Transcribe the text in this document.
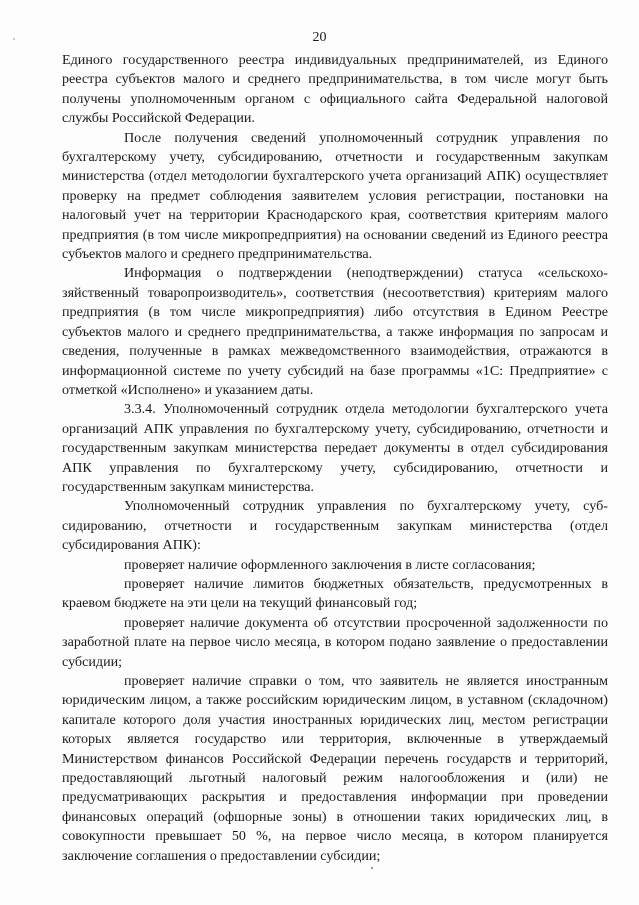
20

Единого государственного реестра индивидуальных предпринимателей, из Единого реестра субъектов малого и среднего предпринимательства, в том числе могут быть получены уполномоченным органом с официального сайта Федеральной налоговой службы Российской Федерации.

После получения сведений уполномоченный сотрудник управления по бухгалтерскому учету, субсидированию, отчетности и государственным закупкам министерства (отдел методологии бухгалтерского учета организаций АПК) осуществляет проверку на предмет соблюдения заявителем условия регистрации, постановки на налоговый учет на территории Краснодарского края, соответствия критериям малого предприятия (в том числе микропредприятия) на основании сведений из Единого реестра субъектов малого и среднего предпринимательства.

Информация о подтверждении (неподтверждении) статуса «сельскохозяйственный товаропроизводитель», соответствия (несоответствия) критериям малого предприятия (в том числе микропредприятия) либо отсутствия в Едином Реестре субъектов малого и среднего предпринимательства, а также информация по запросам и сведения, полученные в рамках межведомственного взаимодействия, отражаются в информационной системе по учету субсидий на базе программы «1С: Предприятие» с отметкой «Исполнено» и указанием даты.

3.3.4. Уполномоченный сотрудник отдела методологии бухгалтерского учета организаций АПК управления по бухгалтерскому учету, субсидированию, отчетности и государственным закупкам министерства передает документы в отдел субсидирования АПК управления по бухгалтерскому учету, субсидированию, отчетности и государственным закупкам министерства.

Уполномоченный сотрудник управления по бухгалтерскому учету, субсидированию, отчетности и государственным закупкам министерства (отдел субсидирования АПК):

проверяет наличие оформленного заключения в листе согласования;

проверяет наличие лимитов бюджетных обязательств, предусмотренных в краевом бюджете на эти цели на текущий финансовый год;

проверяет наличие документа об отсутствии просроченной задолженности по заработной плате на первое число месяца, в котором подано заявление о предоставлении субсидии;

проверяет наличие справки о том, что заявитель не является иностранным юридическим лицом, а также российским юридическим лицом, в уставном (складочном) капитале которого доля участия иностранных юридических лиц, местом регистрации которых является государство или территория, включенные в утверждаемый Министерством финансов Российской Федерации перечень государств и территорий, предоставляющий льготный налоговый режим налогообложения и (или) не предусматривающих раскрытия и предоставления информации при проведении финансовых операций (офшорные зоны) в отношении таких юридических лиц, в совокупности превышает 50 %, на первое число месяца, в котором планируется заключение соглашения о предоставлении субсидии;
